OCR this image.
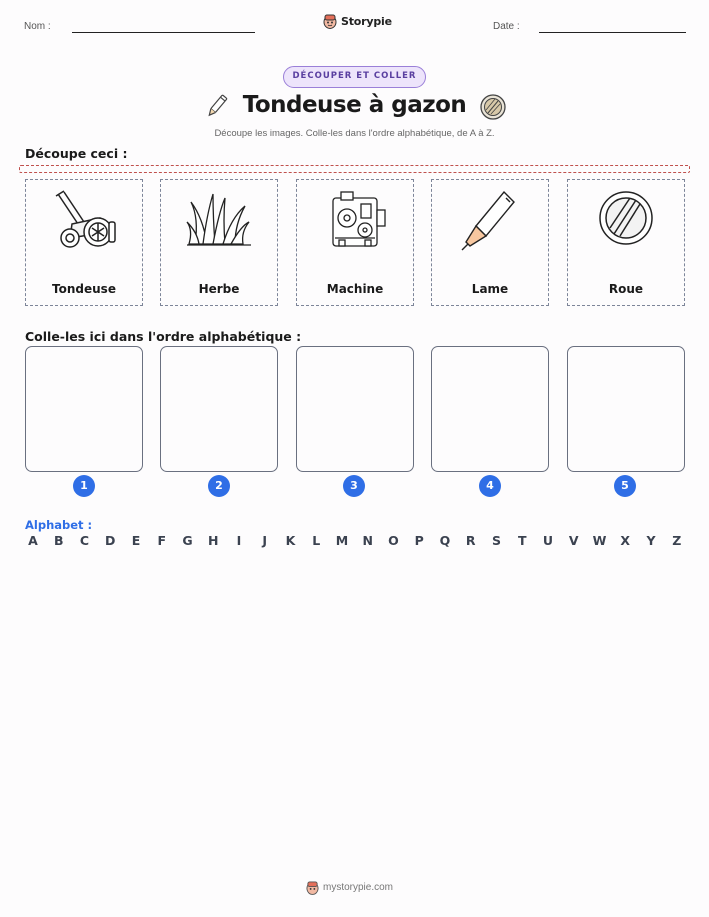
Nom :	Storypie	Date :
DÉCOUPER ET COLLER
Tondeuse à gazon
Découpe les images. Colle-les dans l'ordre alphabétique, de A à Z.
Découpe ceci :
Tondeuse	Herbe	Machine	Lame	Roue
Colle-les ici dans l'ordre alphabétique :
1	2	3	4	5
Alphabet :
A B C D E F G H	I	J	K	L	M N O P Q R S T U V W X Y Z
mystorypie.com
